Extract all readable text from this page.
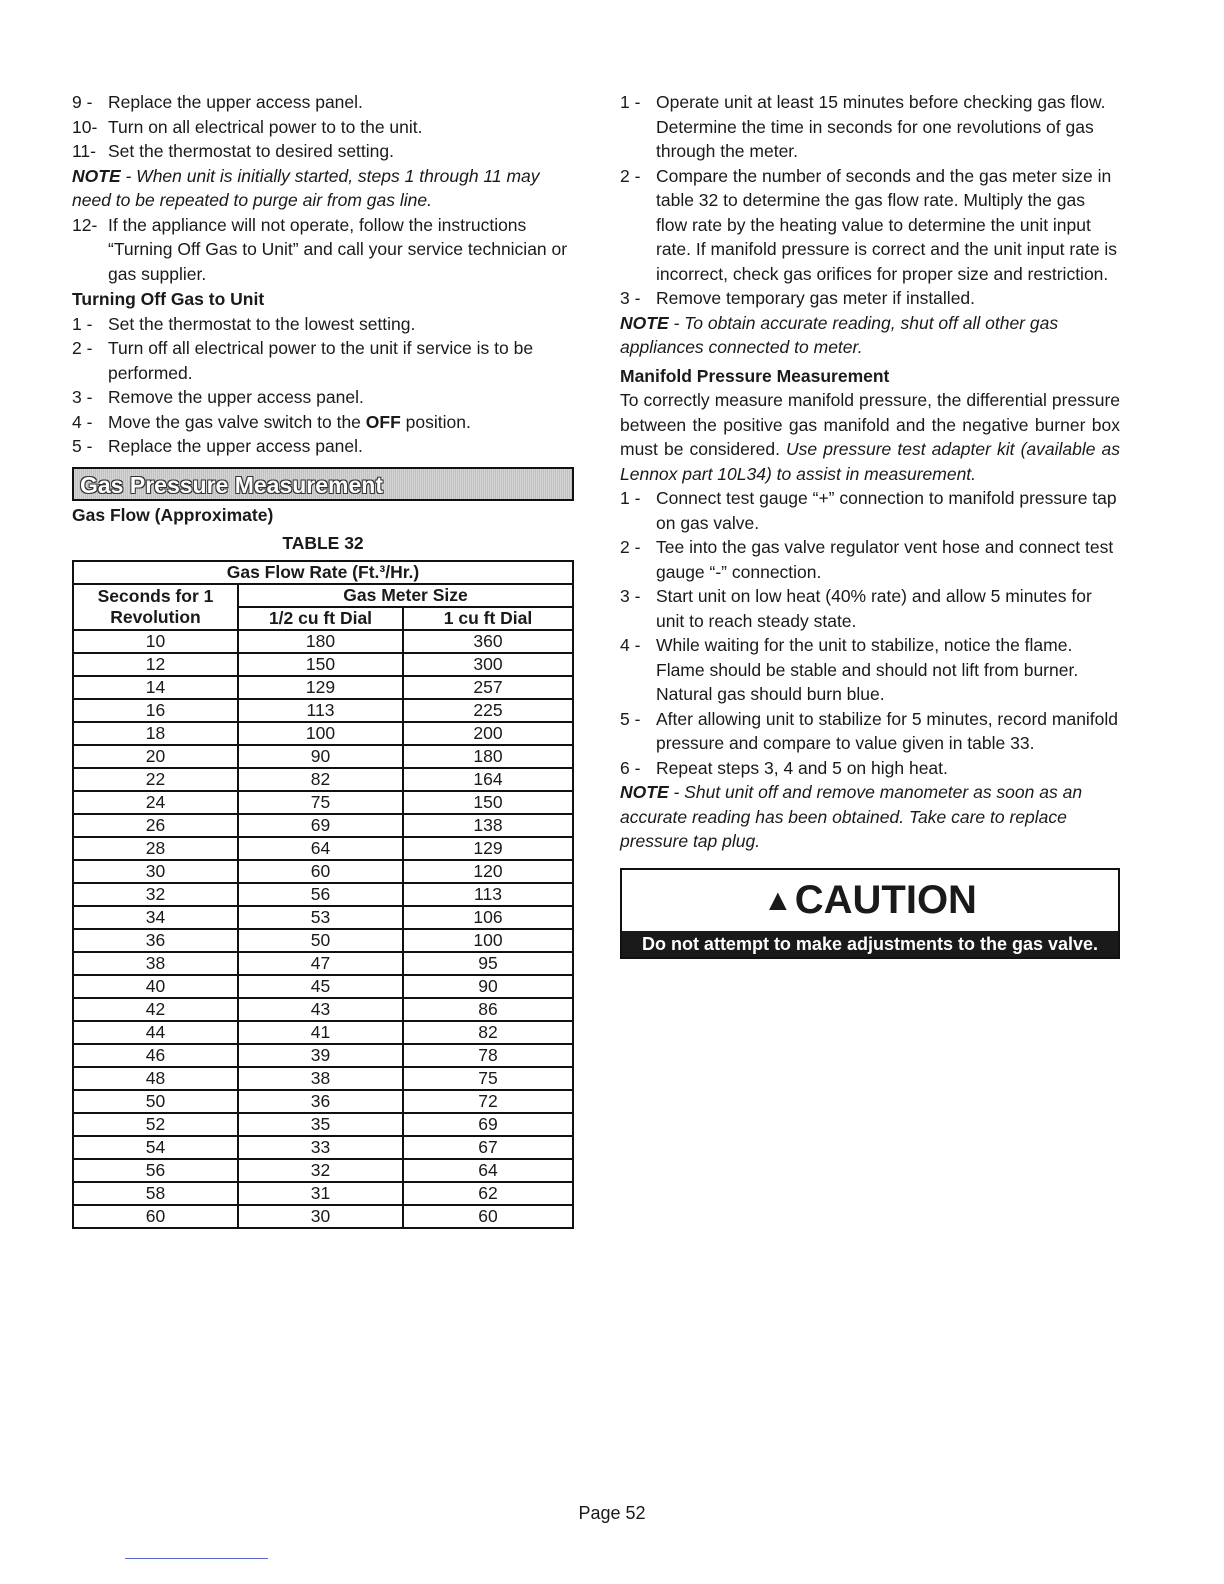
9 - Replace the upper access panel.
10- Turn on all electrical power to to the unit.
11- Set the thermostat to desired setting.
NOTE - When unit is initially started, steps 1 through 11 may need to be repeated to purge air from gas line.
12- If the appliance will not operate, follow the instructions “Turning Off Gas to Unit” and call your service technician or gas supplier.
Turning Off Gas to Unit
1 - Set the thermostat to the lowest setting.
2 - Turn off all electrical power to the unit if service is to be performed.
3 - Remove the upper access panel.
4 - Move the gas valve switch to the OFF position.
5 - Replace the upper access panel.
Gas Pressure Measurement
Gas Flow (Approximate)
TABLE 32
Gas Flow Rate (Ft.³/Hr.)		
Seconds for 1 Revolution	Gas Meter Size	
	1/2 cu ft Dial	1 cu ft Dial
10	180	360
12	150	300
14	129	257
16	113	225
18	100	200
20	90	180
22	82	164
24	75	150
26	69	138
28	64	129
30	60	120
32	56	113
34	53	106
36	50	100
38	47	95
40	45	90
42	43	86
44	41	82
46	39	78
48	38	75
50	36	72
52	35	69
54	33	67
56	32	64
58	31	62
60	30	60
1 - Operate unit at least 15 minutes before checking gas flow. Determine the time in seconds for one revolutions of gas through the meter.
2 - Compare the number of seconds and the gas meter size in table 32 to determine the gas flow rate. Multiply the gas flow rate by the heating value to determine the unit input rate. If manifold pressure is correct and the unit input rate is incorrect, check gas orifices for proper size and restriction.
3 - Remove temporary gas meter if installed.
NOTE - To obtain accurate reading, shut off all other gas appliances connected to meter.
Manifold Pressure Measurement
To correctly measure manifold pressure, the differential pressure between the positive gas manifold and the negative burner box must be considered. Use pressure test adapter kit (available as Lennox part 10L34) to assist in measurement.
1 - Connect test gauge “+” connection to manifold pressure tap on gas valve.
2 - Tee into the gas valve regulator vent hose and connect test gauge “-” connection.
3 - Start unit on low heat (40% rate) and allow 5 minutes for unit to reach steady state.
4 - While waiting for the unit to stabilize, notice the flame. Flame should be stable and should not lift from burner. Natural gas should burn blue.
5 - After allowing unit to stabilize for 5 minutes, record manifold pressure and compare to value given in table 33.
6 - Repeat steps 3, 4 and 5 on high heat.
NOTE - Shut unit off and remove manometer as soon as an accurate reading has been obtained. Take care to replace pressure tap plug.
▲CAUTION
Do not attempt to make adjustments to the gas valve.
Page 52
